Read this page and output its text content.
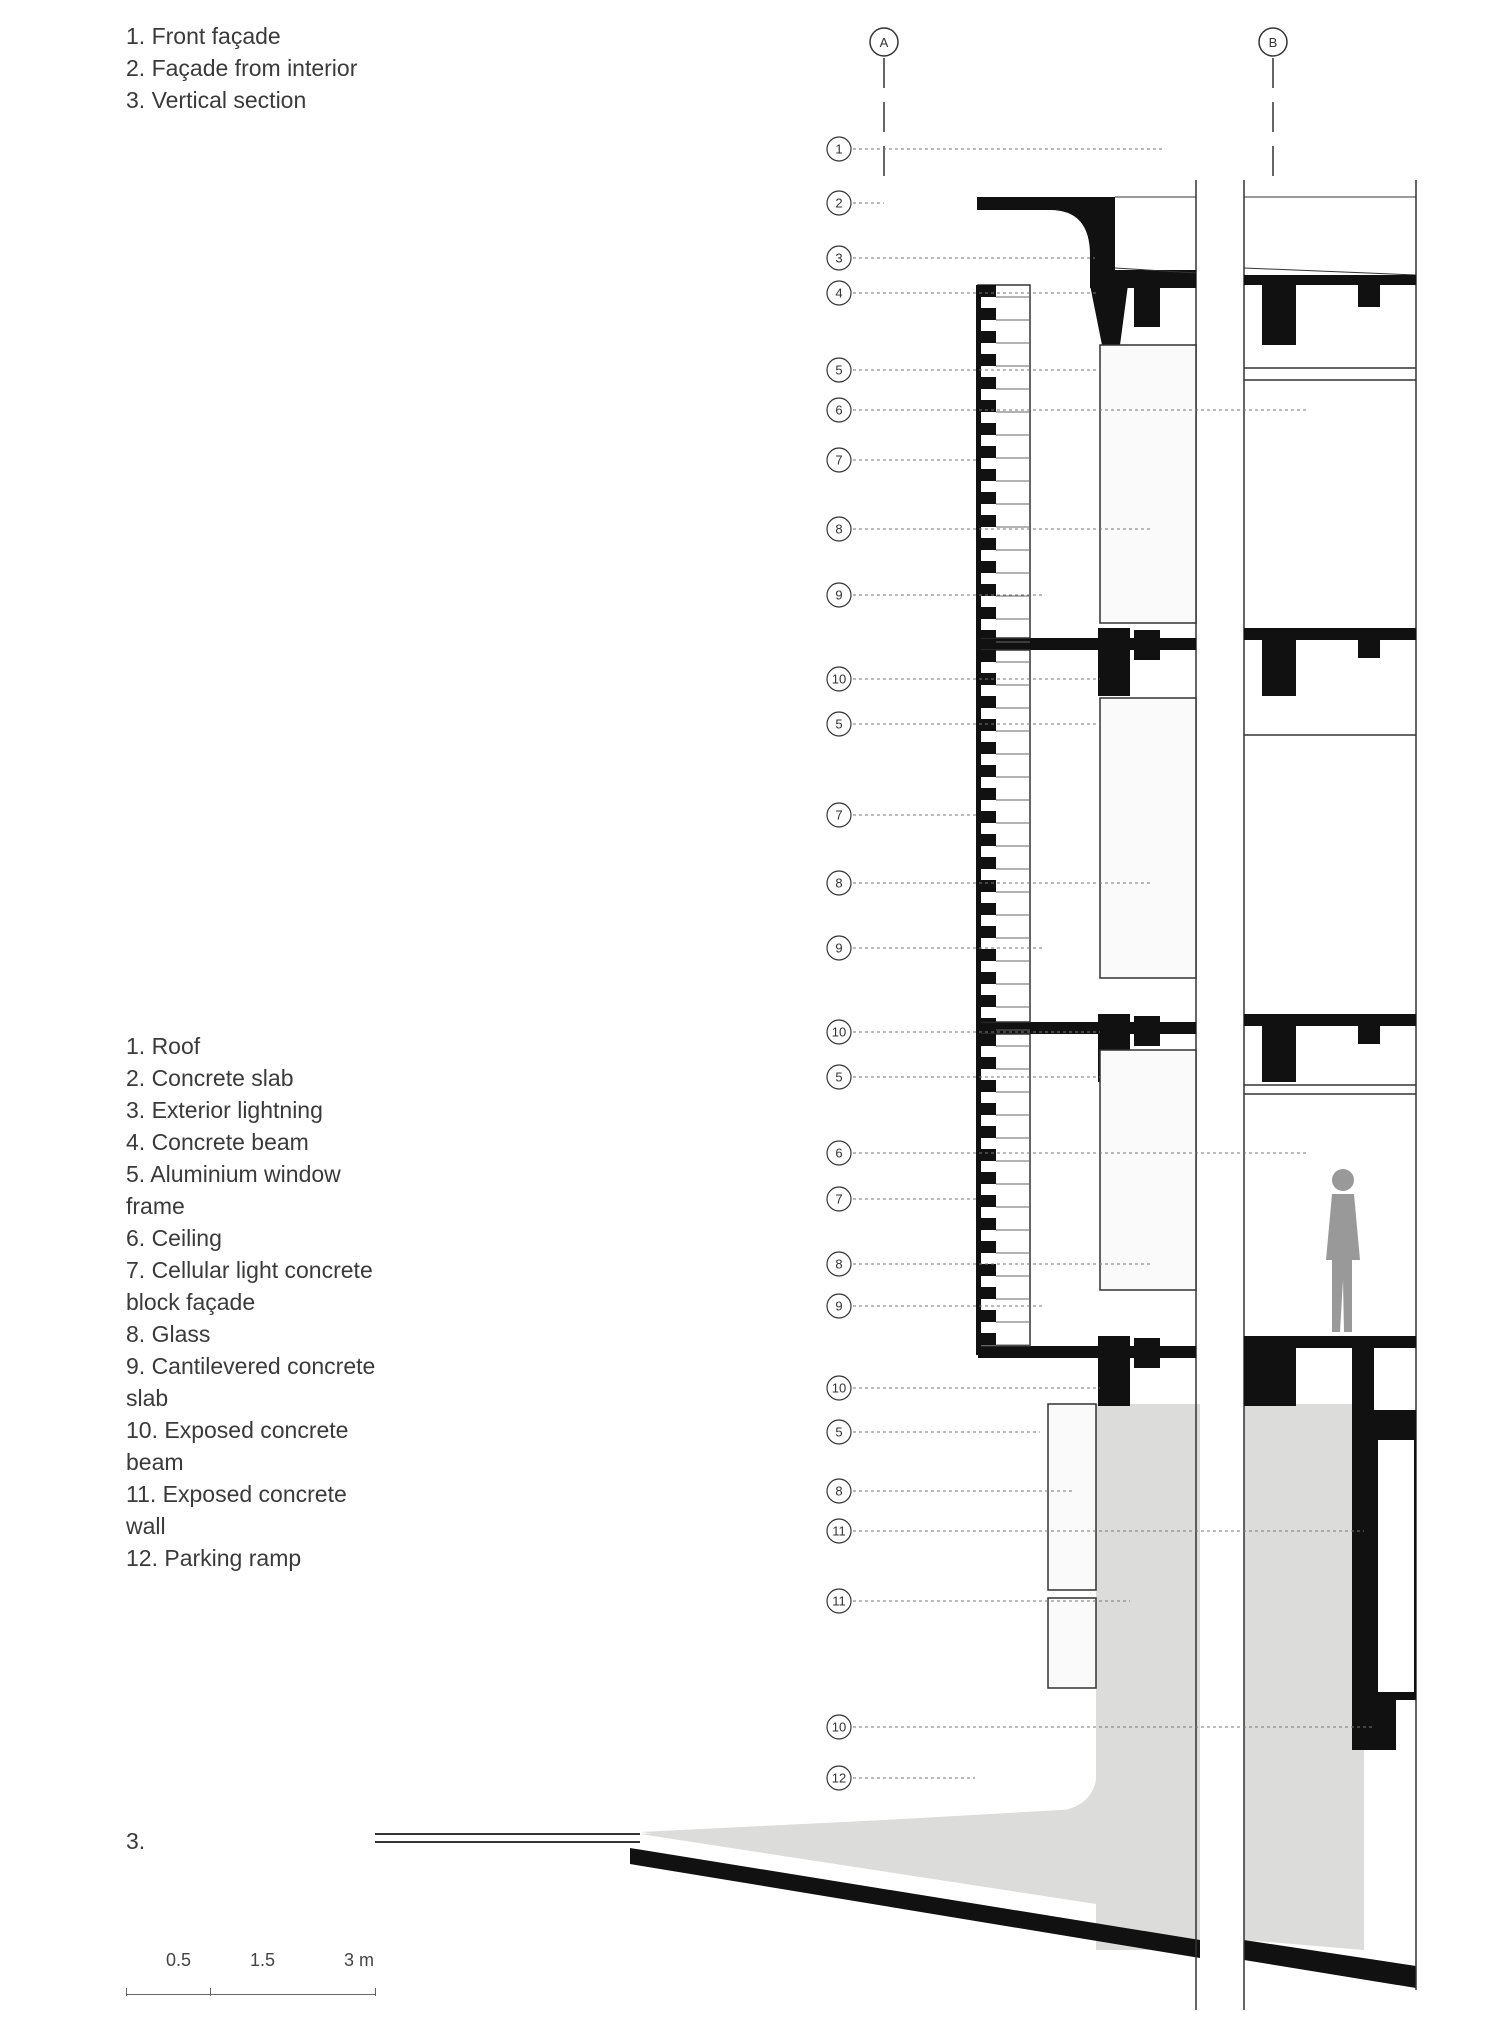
1. Front façade
2. Façade from interior
3. Vertical section
1. Roof
2. Concrete slab
3. Exterior lightning
4. Concrete beam
5. Aluminium window frame
6. Ceiling
7. Cellular light concrete block façade
8. Glass
9. Cantilevered concrete slab
10. Exposed concrete beam
11. Exposed concrete wall
12. Parking ramp
3.
0.5	1.5	3 m
A	B
1
2
3
4
5
6
7
8
9
10
5
7
8
9
10
5
6
7
8
9
10
5
8
11
11
10
12
